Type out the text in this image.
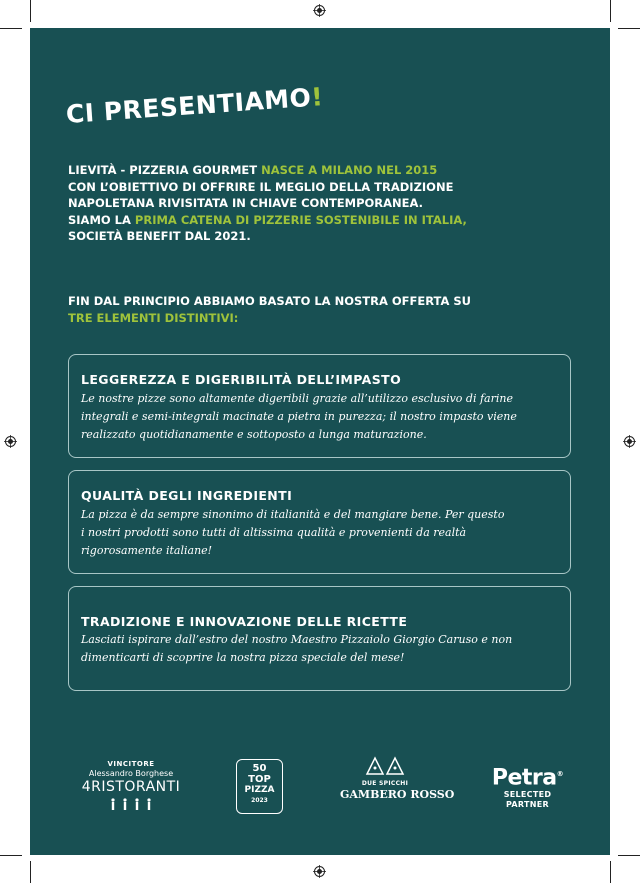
CI PRESENTIAMO!
LIEVITÀ - PIZZERIA GOURMET NASCE A MILANO NEL 2015
CON L’OBIETTIVO DI OFFRIRE IL MEGLIO DELLA TRADIZIONE
NAPOLETANA RIVISITATA IN CHIAVE CONTEMPORANEA.
SIAMO LA PRIMA CATENA DI PIZZERIE SOSTENIBILE IN ITALIA,
SOCIETÀ BENEFIT DAL 2021.
FIN DAL PRINCIPIO ABBIAMO BASATO LA NOSTRA OFFERTA SU
TRE ELEMENTI DISTINTIVI:
LEGGEREZZA E DIGERIBILITÀ DELL’IMPASTO

Le nostre pizze sono altamente digeribili grazie all’utilizzo esclusivo di farine
integrali e semi-integrali macinate a pietra in purezza; il nostro impasto viene
realizzato quotidianamente e sottoposto a lunga maturazione.

QUALITÀ DEGLI INGREDIENTI

La pizza è da sempre sinonimo di italianità e del mangiare bene. Per questo
i nostri prodotti sono tutti di altissima qualità e provenienti da realtà
rigorosamente italiane!

TRADIZIONE E INNOVAZIONE DELLE RICETTE

Lasciati ispirare dall’estro del nostro Maestro Pizzaiolo Giorgio Caruso e non
dimenticarti di scoprire la nostra pizza speciale del mese!

VINCITORE
Alessandro Borghese
4RISTORANTI
50
TOP
PIZZA
2023
DUE SPICCHI
GAMBERO ROSSO
Petra®
SELECTED
PARTNER
